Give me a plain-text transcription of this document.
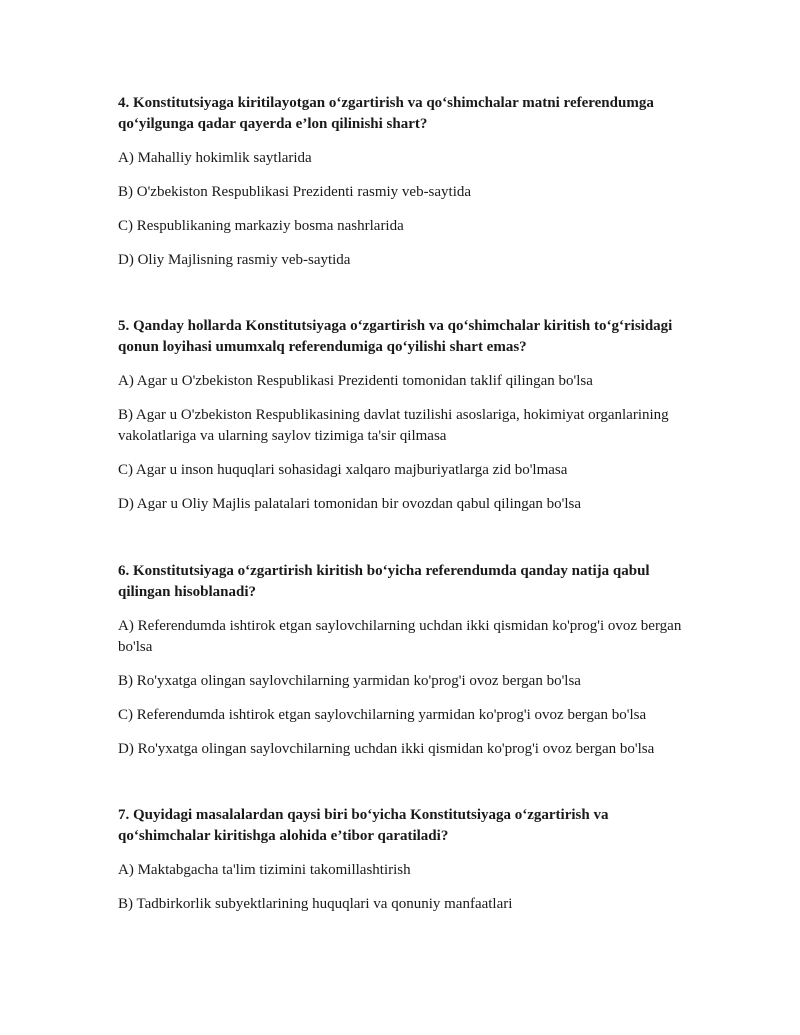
4. Konstitutsiyaga kiritilayotgan o‘zgartirish va qo‘shimchalar matni referendumga qo‘yilgunga qadar qayerda e’lon qilinishi shart?

A) Mahalliy hokimlik saytlarida

B) O'zbekiston Respublikasi Prezidenti rasmiy veb-saytida

C) Respublikaning markaziy bosma nashrlarida

D) Oliy Majlisning rasmiy veb-saytida

5. Qanday hollarda Konstitutsiyaga o‘zgartirish va qo‘shimchalar kiritish to‘g‘risidagi qonun loyihasi umumxalq referendumiga qo‘yilishi shart emas?

A) Agar u O'zbekiston Respublikasi Prezidenti tomonidan taklif qilingan bo'lsa

B) Agar u O'zbekiston Respublikasining davlat tuzilishi asoslariga, hokimiyat organlarining vakolatlariga va ularning saylov tizimiga ta'sir qilmasa

C) Agar u inson huquqlari sohasidagi xalqaro majburiyatlarga zid bo'lmasa

D) Agar u Oliy Majlis palatalari tomonidan bir ovozdan qabul qilingan bo'lsa

6. Konstitutsiyaga o‘zgartirish kiritish bo‘yicha referendumda qanday natija qabul qilingan hisoblanadi?

A) Referendumda ishtirok etgan saylovchilarning uchdan ikki qismidan ko'prog'i ovoz bergan bo'lsa

B) Ro'yxatga olingan saylovchilarning yarmidan ko'prog'i ovoz bergan bo'lsa

C) Referendumda ishtirok etgan saylovchilarning yarmidan ko'prog'i ovoz bergan bo'lsa

D) Ro'yxatga olingan saylovchilarning uchdan ikki qismidan ko'prog'i ovoz bergan bo'lsa

7. Quyidagi masalalardan qaysi biri bo‘yicha Konstitutsiyaga o‘zgartirish va qo‘shimchalar kiritishga alohida e’tibor qaratiladi?

A) Maktabgacha ta'lim tizimini takomillashtirish

B) Tadbirkorlik subyektlarining huquqlari va qonuniy manfaatlari
